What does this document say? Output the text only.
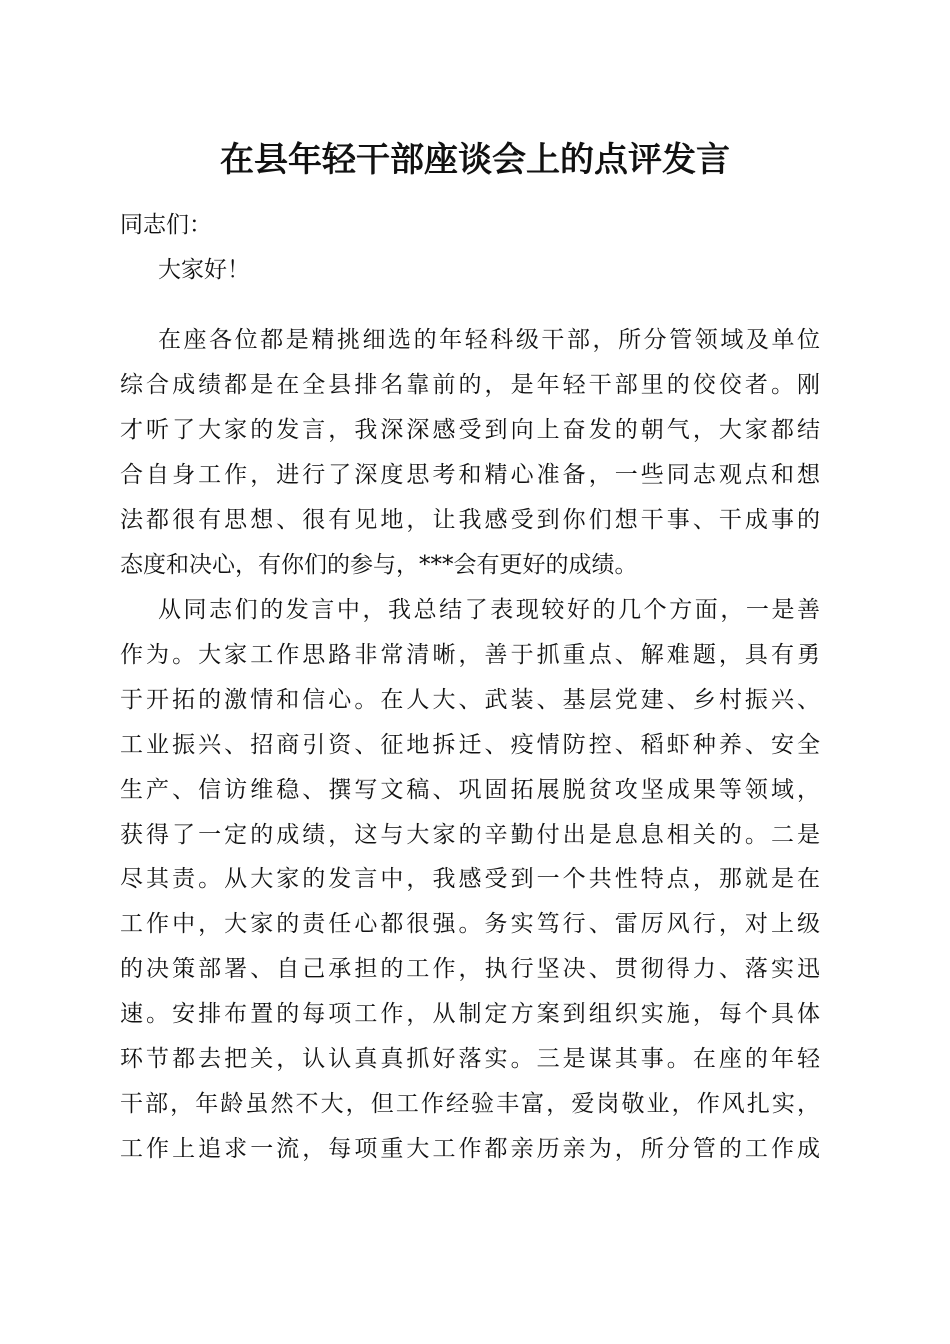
在县年轻干部座谈会上的点评发言
同志们：
大家好！
在座各位都是精挑细选的年轻科级干部，所分管领域及单位
综合成绩都是在全县排名靠前的，是年轻干部里的佼佼者。刚
才听了大家的发言，我深深感受到向上奋发的朝气，大家都结
合自身工作，进行了深度思考和精心准备，一些同志观点和想
法都很有思想、很有见地，让我感受到你们想干事、干成事的
态度和决心，有你们的参与，***会有更好的成绩。
从同志们的发言中，我总结了表现较好的几个方面，一是善
作为。大家工作思路非常清晰，善于抓重点、解难题，具有勇
于开拓的激情和信心。在人大、武装、基层党建、乡村振兴、
工业振兴、招商引资、征地拆迁、疫情防控、稻虾种养、安全
生产、信访维稳、撰写文稿、巩固拓展脱贫攻坚成果等领域，
获得了一定的成绩，这与大家的辛勤付出是息息相关的。二是
尽其责。从大家的发言中，我感受到一个共性特点，那就是在
工作中，大家的责任心都很强。务实笃行、雷厉风行，对上级
的决策部署、自己承担的工作，执行坚决、贯彻得力、落实迅
速。安排布置的每项工作，从制定方案到组织实施，每个具体
环节都去把关，认认真真抓好落实。三是谋其事。在座的年轻
干部，年龄虽然不大，但工作经验丰富，爱岗敬业，作风扎实，
工作上追求一流，每项重大工作都亲历亲为，所分管的工作成
